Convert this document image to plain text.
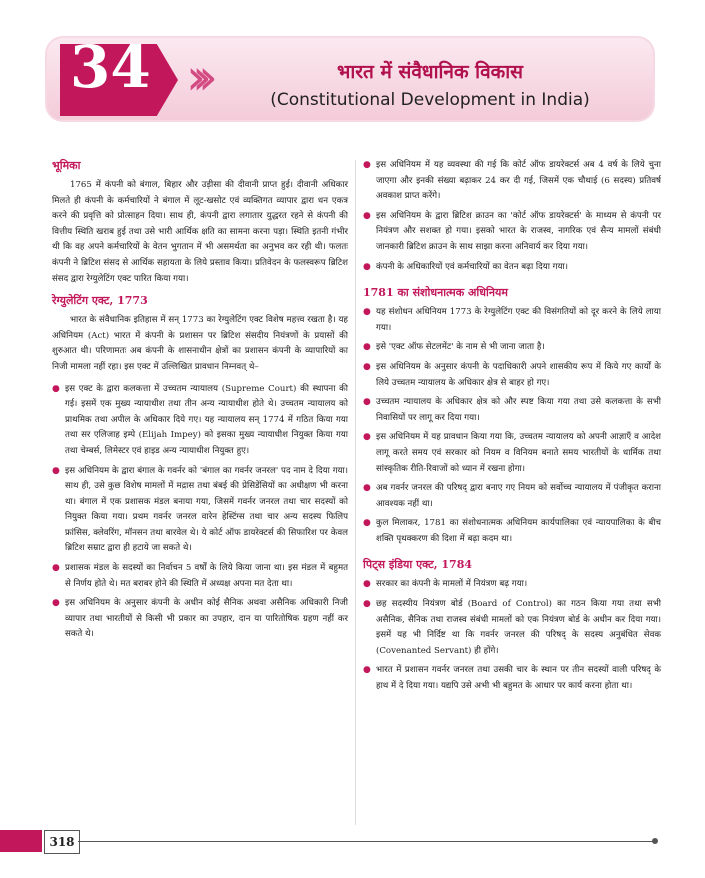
34 ›››	भारत में संवैधानिक विकास
(Constitutional Development in India)
भूमिका

1765 में कंपनी को बंगाल, बिहार और उड़ीसा की दीवानी प्राप्त हुई। दीवानी अधिकार मिलते ही कंपनी के कर्मचारियों ने बंगाल में लूट-खसोट एवं व्यक्तिगत व्यापार द्वारा धन एकत्र करने की प्रवृत्ति को प्रोत्साहन दिया। साथ ही, कंपनी द्वारा लगातार युद्धरत रहने से कंपनी की वित्तीय स्थिति खराब हुई तथा उसे भारी आर्थिक क्षति का सामना करना पड़ा। स्थिति इतनी गंभीर थी कि वह अपने कर्मचारियों के वेतन भुगतान में भी असमर्थता का अनुभव कर रही थी। फलतः कंपनी ने ब्रिटिश संसद से आर्थिक सहायता के लिये प्रस्ताव किया। प्रतिवेदन के फलस्वरूप ब्रिटिश संसद द्वारा रेग्युलेटिंग एक्ट पारित किया गया।

रेग्युलेटिंग एक्ट, 1773

भारत के संवैधानिक इतिहास में सन् 1773 का रेग्युलेटिंग एक्ट विशेष महत्त्व रखता है। यह अधिनियम (Act) भारत में कंपनी के प्रशासन पर ब्रिटिश संसदीय नियंत्रणों के प्रयासों की शुरुआत थी। परिणामतः अब कंपनी के शासनाधीन क्षेत्रों का प्रशासन कंपनी के व्यापारियों का निजी मामला नहीं रहा। इस एक्ट में उल्लिखित प्रावधान निम्नवत् थे–

● इस एक्ट के द्वारा कलकत्ता में उच्चतम न्यायालय (Supreme Court) की स्थापना की गई। इसमें एक मुख्य न्यायाधीश तथा तीन अन्य न्यायाधीश होते थे। उच्चतम न्यायालय को प्राथमिक तथा अपील के अधिकार दिये गए। यह न्यायालय सन् 1774 में गठित किया गया तथा सर एलिजाह इम्पे (Elijah Impey) को इसका मुख्य न्यायाधीश नियुक्त किया गया तथा चेम्बर्स, लिमेस्टर एवं हाइड अन्य न्यायाधीश नियुक्त हुए।
● इस अधिनियम के द्वारा बंगाल के गवर्नर को 'बंगाल का गवर्नर जनरल' पद नाम दे दिया गया। साथ ही, उसे कुछ विशेष मामलों में मद्रास तथा बंबई की प्रेसिडेंसियों का अधीक्षण भी करना था। बंगाल में एक प्रशासक मंडल बनाया गया, जिसमें गवर्नर जनरल तथा चार सदस्यों को नियुक्त किया गया। प्रथम गवर्नर जनरल वारेन हेस्टिंग्स तथा चार अन्य सदस्य फिलिप फ्रांसिस, क्लेवरिंग, मॉनसन तथा बारवेल थे। ये कोर्ट ऑफ डायरेक्टर्स की सिफारिश पर केवल ब्रिटिश सम्राट द्वारा ही हटाये जा सकते थे।
● प्रशासक मंडल के सदस्यों का निर्वाचन 5 वर्षों के लिये किया जाना था। इस मंडल में बहुमत से निर्णय होते थे। मत बराबर होने की स्थिति में अध्यक्ष अपना मत देता था।
● इस अधिनियम के अनुसार कंपनी के अधीन कोई सैनिक अथवा असैनिक अधिकारी निजी व्यापार तथा भारतीयों से किसी भी प्रकार का उपहार, दान या पारितोषिक ग्रहण नहीं कर सकते थे।
● इस अधिनियम में यह व्यवस्था की गई कि कोर्ट ऑफ डायरेक्टर्स अब 4 वर्ष के लिये चुना जाएगा और इनकी संख्या बढ़ाकर 24 कर दी गई, जिसमें एक चौथाई (6 सदस्य) प्रतिवर्ष अवकाश प्राप्त करेंगे।
● इस अधिनियम के द्वारा ब्रिटिश क्राउन का 'कोर्ट ऑफ डायरेक्टर्स' के माध्यम से कंपनी पर नियंत्रण और सशक्त हो गया। इसको भारत के राजस्व, नागरिक एवं सैन्य मामलों संबंधी जानकारी ब्रिटिश क्राउन के साथ साझा करना अनिवार्य कर दिया गया।
● कंपनी के अधिकारियों एवं कर्मचारियों का वेतन बढ़ा दिया गया।
1781 का संशोधनात्मक अधिनियम
● यह संशोधन अधिनियम 1773 के रेग्युलेटिंग एक्ट की विसंगतियों को दूर करने के लिये लाया गया।
● इसे 'एक्ट ऑफ सेटलमेंट' के नाम से भी जाना जाता है।
● इस अधिनियम के अनुसार कंपनी के पदाधिकारी अपने शासकीय रूप में किये गए कार्यों के लिये उच्चतम न्यायालय के अधिकार क्षेत्र से बाहर हो गए।
● उच्चतम न्यायालय के अधिकार क्षेत्र को और स्पष्ट किया गया तथा उसे कलकत्ता के सभी निवासियों पर लागू कर दिया गया।
● इस अधिनियम में यह प्रावधान किया गया कि, उच्चतम न्यायालय को अपनी आज्ञाएँ व आदेश लागू करते समय एवं सरकार को नियम व विनियम बनाते समय भारतीयों के धार्मिक तथा सांस्कृतिक रीति-रिवाजों को ध्यान में रखना होगा।
● अब गवर्नर जनरल की परिषद् द्वारा बनाए गए नियम को सर्वोच्च न्यायालय में पंजीकृत कराना आवश्यक नहीं था।
● कुल मिलाकर, 1781 का संशोधनात्मक अधिनियम कार्यपालिका एवं न्यायपालिका के बीच शक्ति पृथक्करण की दिशा में बढ़ा कदम था।
पिट्स इंडिया एक्ट, 1784
● सरकार का कंपनी के मामलों में नियंत्रण बढ़ गया।
● छह सदस्यीय नियंत्रण बोर्ड (Board of Control) का गठन किया गया तथा सभी असैनिक, सैनिक तथा राजस्व संबंधी मामलों को एक नियंत्रण बोर्ड के अधीन कर दिया गया। इसमें यह भी निर्दिष्ट था कि गवर्नर जनरल की परिषद् के सदस्य अनुबंधित सेवक (Covenanted Servant) ही होंगे।
● भारत में प्रशासन गवर्नर जनरल तथा उसकी चार के स्थान पर तीन सदस्यों वाली परिषद् के हाथ में दे दिया गया। यद्यपि उसे अभी भी बहुमत के आधार पर कार्य करना होता था।
318
